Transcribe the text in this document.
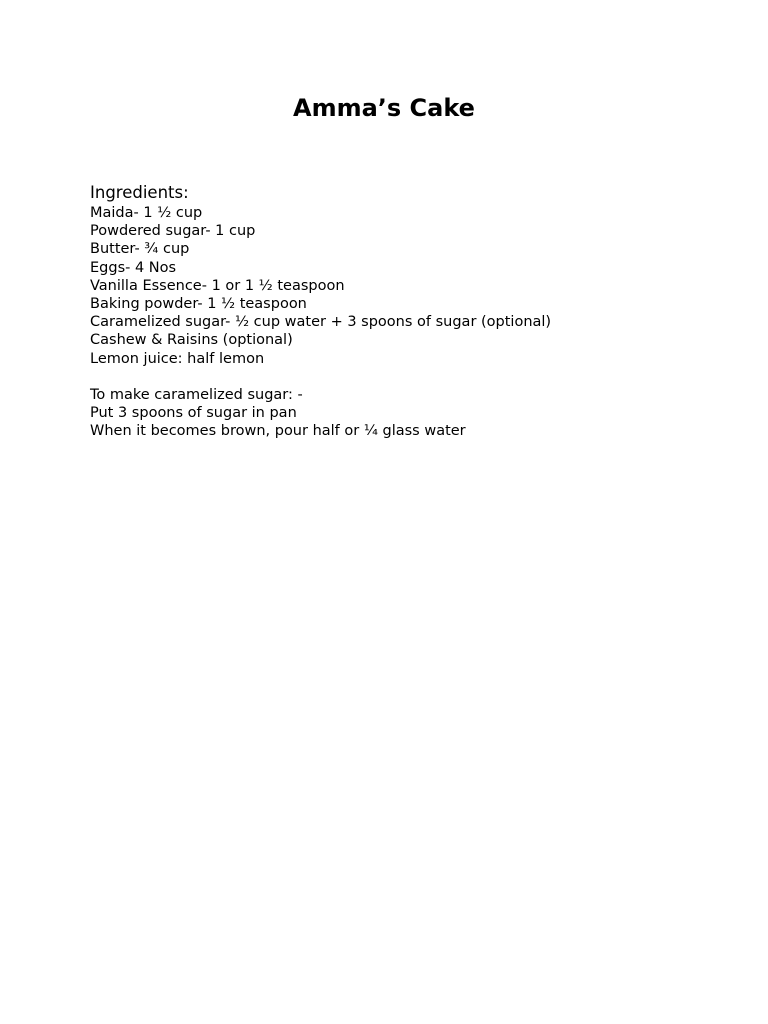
Amma’s Cake

Ingredients:

Maida- 1 ½ cup

Powdered sugar- 1 cup

Butter- ¾ cup

Eggs- 4 Nos

Vanilla Essence- 1 or 1 ½ teaspoon

Baking powder- 1 ½ teaspoon

Caramelized sugar- ½ cup water + 3 spoons of sugar (optional)

Cashew & Raisins (optional)

Lemon juice: half lemon

To make caramelized sugar: -

Put 3 spoons of sugar in pan

When it becomes brown, pour half or ¼ glass water
